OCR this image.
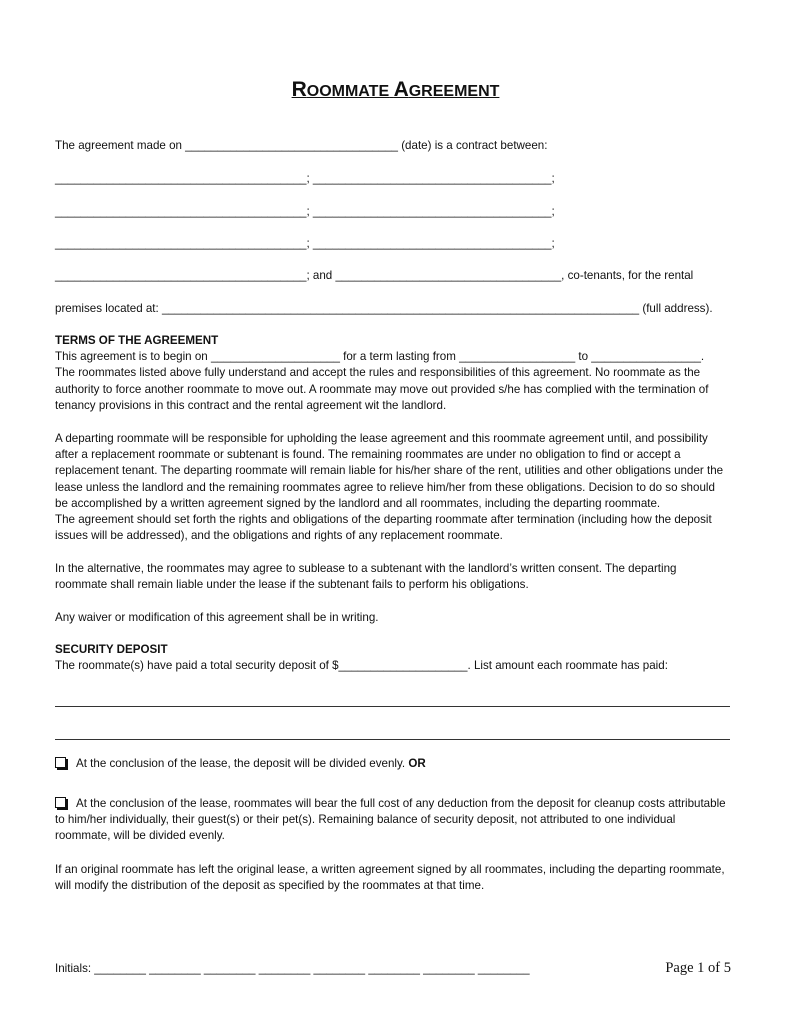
ROOMMATE AGREEMENT
The agreement made on _________________________________ (date) is a contract between:
_______________________________________; _____________________________________;
_______________________________________; _____________________________________;
_______________________________________; _____________________________________;
_______________________________________; and ___________________________________, co-tenants, for the rental
premises located at: __________________________________________________________________________ (full address).
TERMS OF THE AGREEMENT
This agreement is to begin on ____________________ for a term lasting from __________________ to _________________.
The roommates listed above fully understand and accept the rules and responsibilities of this agreement. No roommate as the
authority to force another roommate to move out. A roommate may move out provided s/he has complied with the termination of
tenancy provisions in this contract and the rental agreement wit the landlord.
A departing roommate will be responsible for upholding the lease agreement and this roommate agreement until, and possibility
after a replacement roommate or subtenant is found. The remaining roommates are under no obligation to find or accept a
replacement tenant. The departing roommate will remain liable for his/her share of the rent, utilities and other obligations under the
lease unless the landlord and the remaining roommates agree to relieve him/her from these obligations. Decision to do so should
be accomplished by a written agreement signed by the landlord and all roommates, including the departing roommate.
The agreement should set forth the rights and obligations of the departing roommate after termination (including how the deposit
issues will be addressed), and the obligations and rights of any replacement roommate.
In the alternative, the roommates may agree to sublease to a subtenant with the landlord’s written consent. The departing
roommate shall remain liable under the lease if the subtenant fails to perform his obligations.
Any waiver or modification of this agreement shall be in writing.
SECURITY DEPOSIT
The roommate(s) have paid a total security deposit of $____________________. List amount each roommate has paid:
At the conclusion of the lease, the deposit will be divided evenly. OR
At the conclusion of the lease, roommates will bear the full cost of any deduction from the deposit for cleanup costs attributable
to him/her individually, their guest(s) or their pet(s). Remaining balance of security deposit, not attributed to one individual
roommate, will be divided evenly.
If an original roommate has left the original lease, a written agreement signed by all roommates, including the departing roommate,
will modify the distribution of the deposit as specified by the roommates at that time.
Initials: ________ ________ ________ ________ ________ ________ ________ ________	Page 1 of 5
